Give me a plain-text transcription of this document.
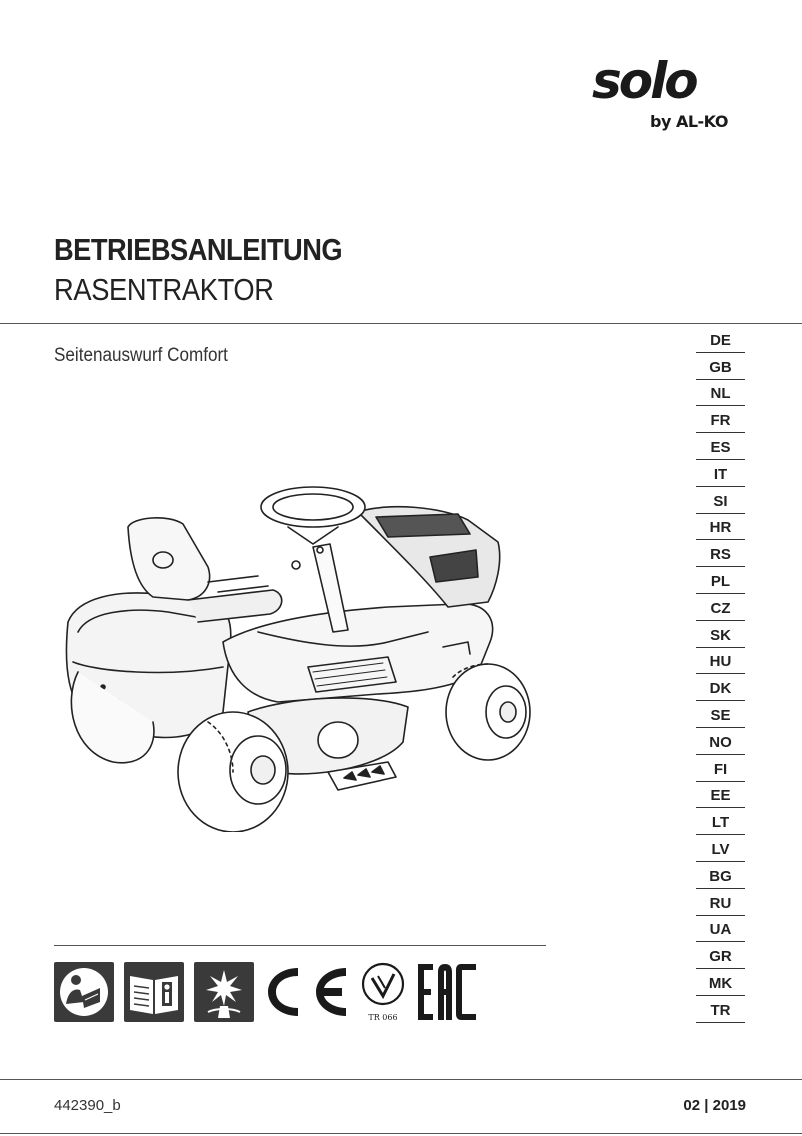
solo
by AL-KO
BETRIEBSANLEITUNG
RASENTRAKTOR
Seitenauswurf Comfort
DE
GB
NL
FR
ES
IT
SI
HR
RS
PL
CZ
SK
HU
DK
SE
NO
FI
EE
LT
LV
BG
RU
UA
GR
MK
TR
TR 066
442390_b	02 | 2019
